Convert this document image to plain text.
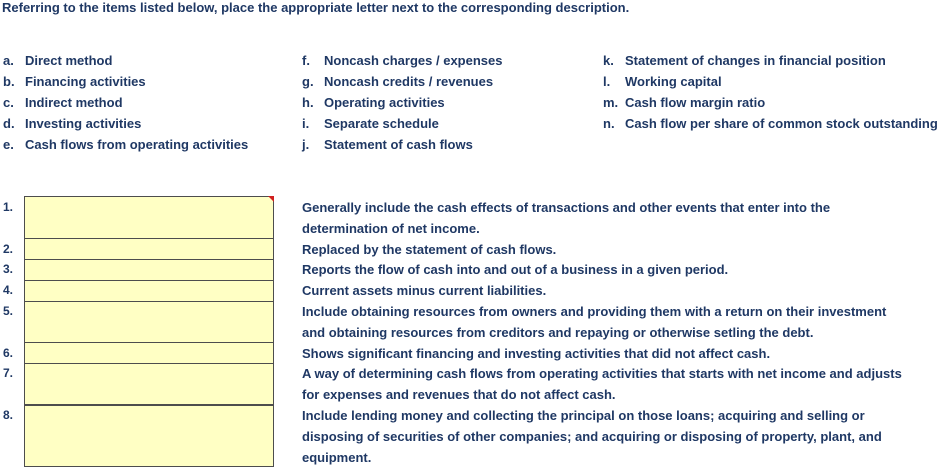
Referring to the items listed below, place the appropriate letter next to the corresponding description.
a. Direct method
b. Financing activities
c. Indirect method
d. Investing activities
e. Cash flows from operating activities
f. Noncash charges / expenses
g. Noncash credits / revenues
h. Operating activities
i. Separate schedule
j. Statement of cash flows
k. Statement of changes in financial position
l. Working capital
m. Cash flow margin ratio
n. Cash flow per share of common stock outstanding
1.	Generally include the cash effects of transactions and other events that enter into the determination of net income.
2.	Replaced by the statement of cash flows.
3.	Reports the flow of cash into and out of a business in a given period.
4.	Current assets minus current liabilities.
5.	Include obtaining resources from owners and providing them with a return on their investment and obtaining resources from creditors and repaying or otherwise setling the debt.
6.	Shows significant financing and investing activities that did not affect cash.
7.	A way of determining cash flows from operating activities that starts with net income and adjusts for expenses and revenues that do not affect cash.
8.	Include lending money and collecting the principal on those loans; acquiring and selling or disposing of securities of other companies; and acquiring or disposing of property, plant, and equipment.
